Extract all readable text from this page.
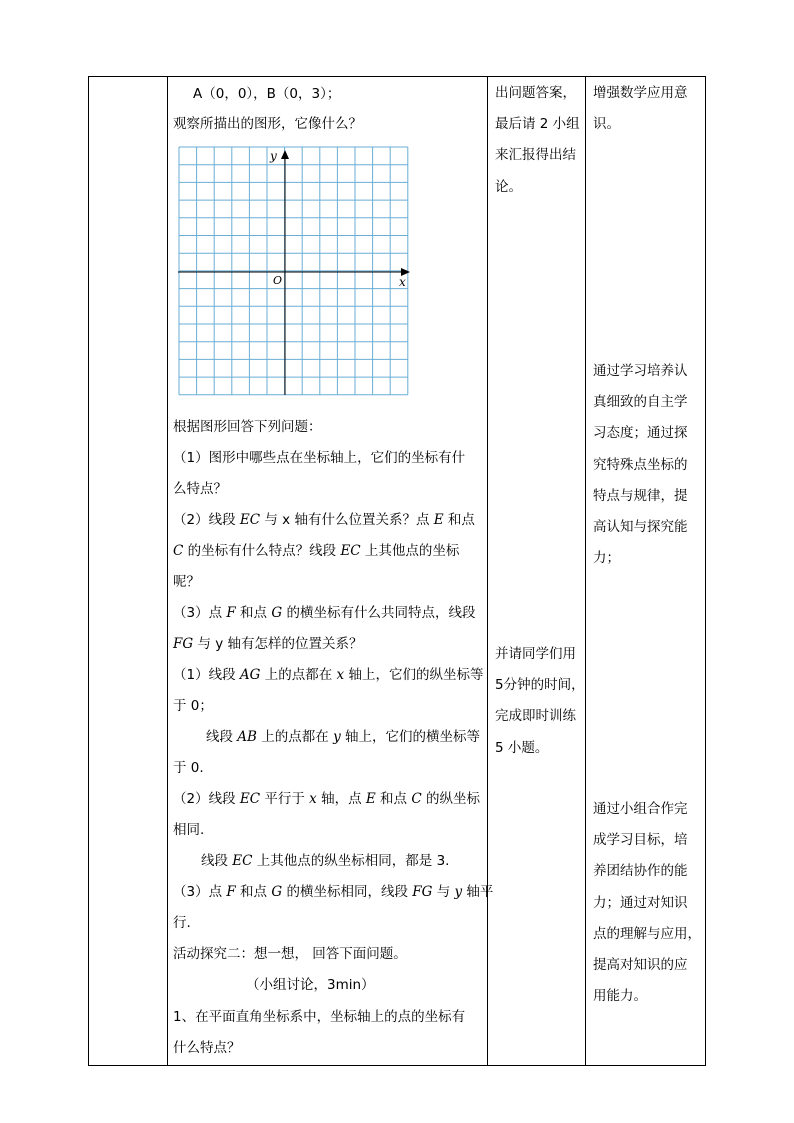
A（0，0），B（0，3）；
观察所描出的图形，它像什么？
y
x
O
根据图形回答下列问题：
（1）图形中哪些点在坐标轴上，它们的坐标有什
么特点？
（2）线段 EC 与 x 轴有什么位置关系？点 E 和点
C 的坐标有什么特点？线段 EC 上其他点的坐标
呢？
（3）点 F 和点 G 的横坐标有什么共同特点，线段
FG 与 y 轴有怎样的位置关系？
（1）线段 AG 上的点都在 x 轴上，它们的纵坐标等
于 0；
线段 AB 上的点都在 y 轴上，它们的横坐标等
于 0.
（2）线段 EC 平行于 x 轴，点 E 和点 C 的纵坐标
相同.
线段 EC 上其他点的纵坐标相同，都是 3.
（3）点 F 和点 G 的横坐标相同，线段 FG 与 y 轴平
行.
活动探究二：想一想， 回答下面问题。
（小组讨论，3min）
1、在平面直角坐标系中，坐标轴上的点的坐标有
什么特点？
出问题答案，
最后请 2 小组
来汇报得出结
论。
并请同学们用
5分钟的时间，
完成即时训练
5 小题。
增强数学应用意
识。
通过学习培养认
真细致的自主学
习态度；通过探
究特殊点坐标的
特点与规律，提
高认知与探究能
力；
通过小组合作完
成学习目标，培
养团结协作的能
力；通过对知识
点的理解与应用，
提高对知识的应
用能力。
